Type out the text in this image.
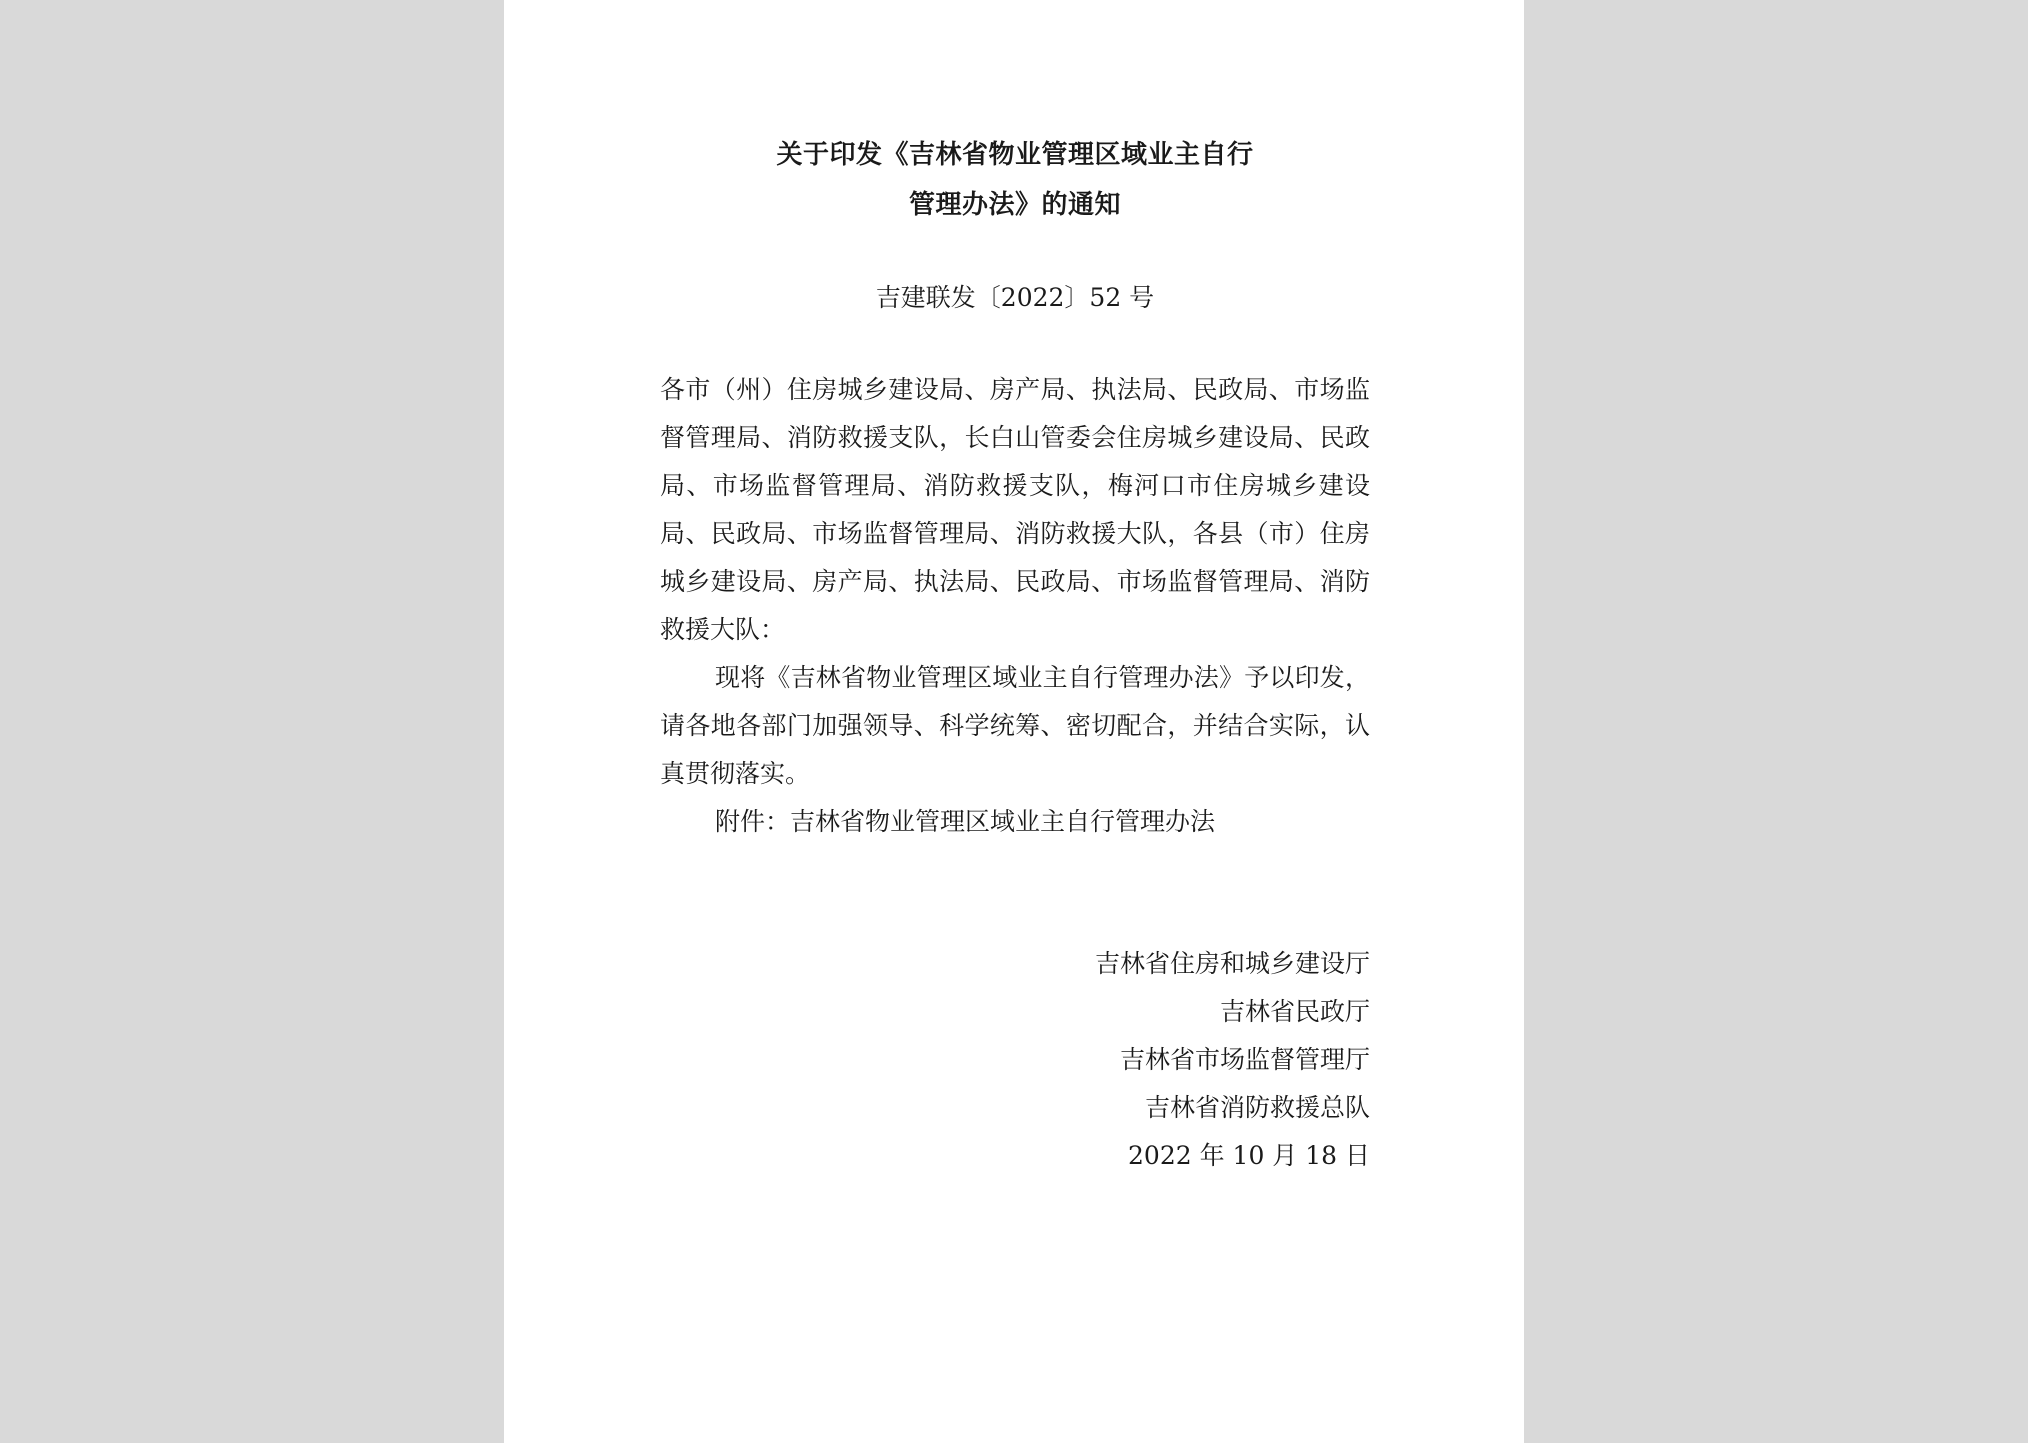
关于印发《吉林省物业管理区域业主自行
管理办法》的通知
吉建联发〔2022〕52 号

各市（州）住房城乡建设局、房产局、执法局、民政局、市场监督管理局、消防救援支队，长白山管委会住房城乡建设局、民政局、市场监督管理局、消防救援支队，梅河口市住房城乡建设局、民政局、市场监督管理局、消防救援大队，各县（市）住房城乡建设局、房产局、执法局、民政局、市场监督管理局、消防救援大队：

现将《吉林省物业管理区域业主自行管理办法》予以印发，请各地各部门加强领导、科学统筹、密切配合，并结合实际，认真贯彻落实。

附件：吉林省物业管理区域业主自行管理办法

吉林省住房和城乡建设厅
吉林省民政厅
吉林省市场监督管理厅
吉林省消防救援总队
2022 年 10 月 18 日
